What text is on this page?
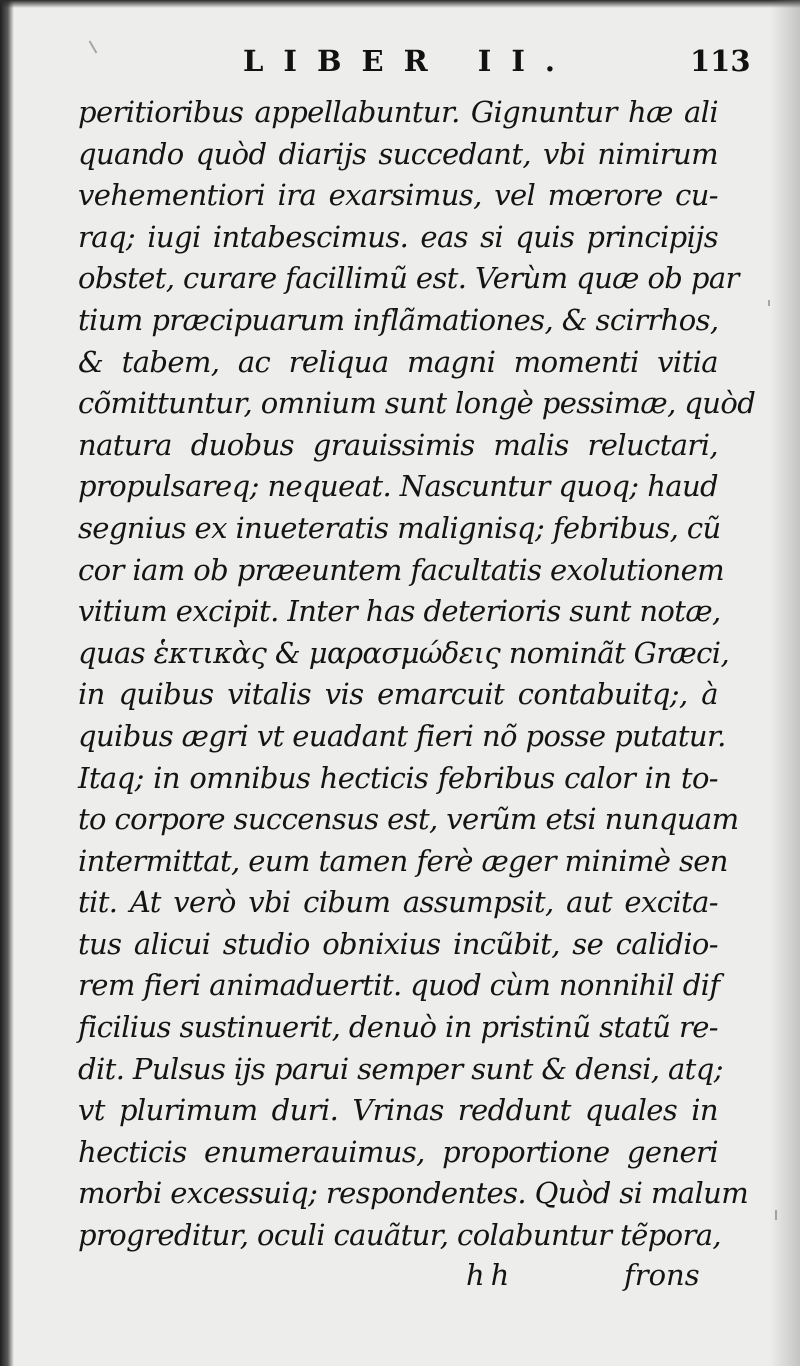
LIBER II.	113
peritioribus appellabuntur. Gignuntur hæ ali
quando quòd diarijs succedant, vbi nimirum
vehementiori ira exarsimus, vel mœrore cu-
raq; iugi intabescimus. eas si quis principijs
obstet, curare facillimũ est. Verùm quæ ob par
tium præcipuarum inflãmationes, & scirrhos,
& tabem, ac reliqua magni momenti vitia
cõmittuntur, omnium sunt longè pessimæ, quòd
natura duobus grauissimis malis reluctari,
propulsareq; nequeat. Nascuntur quoq; haud
segnius ex inueteratis malignisq; febribus, cũ
cor iam ob præeuntem facultatis exolutionem
vitium excipit. Inter has deterioris sunt notæ,
quas ἑκτικὰς & μαρασμώδεις nominãt Græci,
in quibus vitalis vis emarcuit contabuitq;, à
quibus ægri vt euadant fieri nõ posse putatur.
Itaq; in omnibus hecticis febribus calor in to-
to corpore succensus est, verũm etsi nunquam
intermittat, eum tamen ferè æger minimè sen
tit. At verò vbi cibum assumpsit, aut excita-
tus alicui studio obnixius incũbit, se calidio-
rem fieri animaduertit. quod cùm nonnihil dif
ficilius sustinuerit, denuò in pristinũ statũ re-
dit. Pulsus ijs parui semper sunt & densi, atq;
vt plurimum duri. Vrinas reddunt quales in
hecticis enumerauimus, proportione generi
morbi excessuiq; respondentes. Quòd si malum
progreditur, oculi cauãtur, colabuntur tẽpora,
hh	frons
